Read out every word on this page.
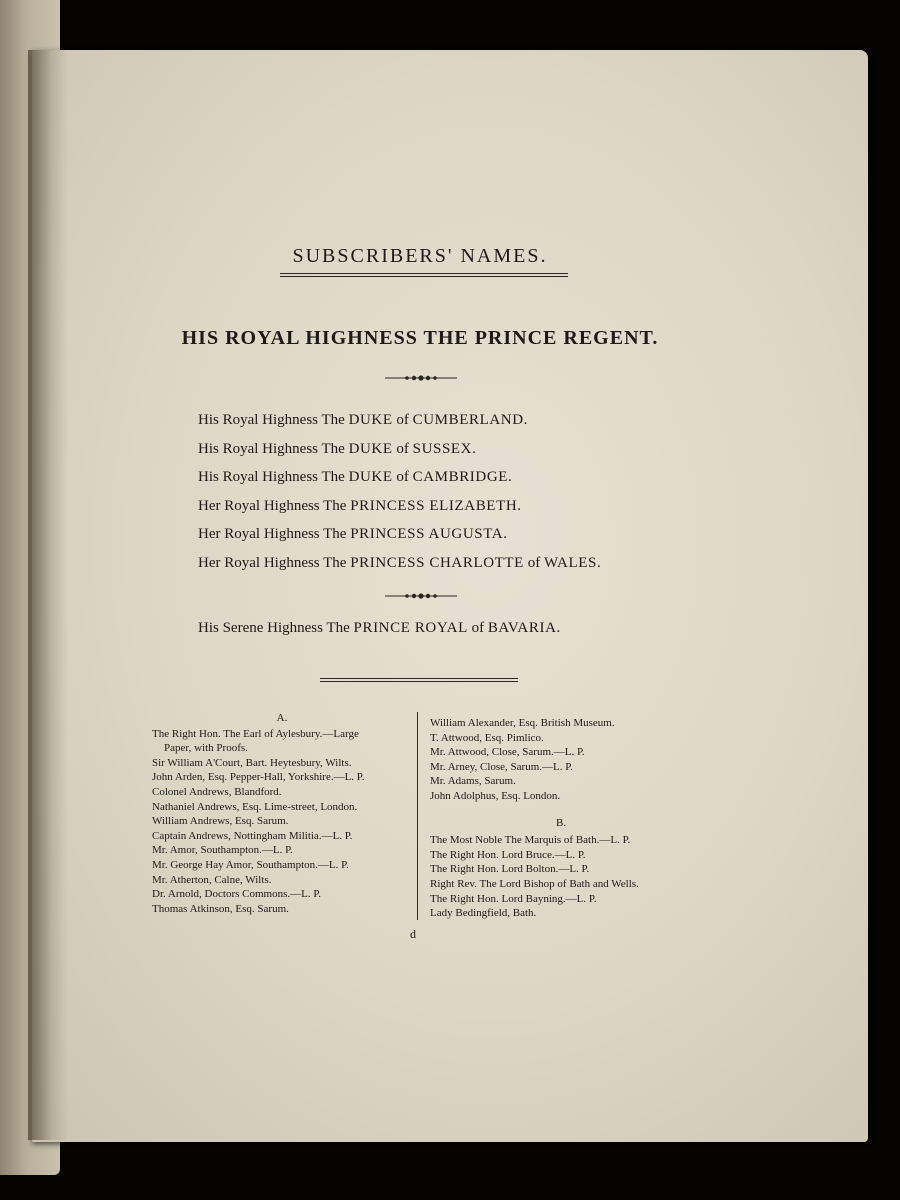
SUBSCRIBERS' NAMES.
HIS ROYAL HIGHNESS THE PRINCE REGENT.
His Royal Highness The DUKE of CUMBERLAND.
His Royal Highness The DUKE of SUSSEX.
His Royal Highness The DUKE of CAMBRIDGE.
Her Royal Highness The PRINCESS ELIZABETH.
Her Royal Highness The PRINCESS AUGUSTA.
Her Royal Highness The PRINCESS CHARLOTTE of WALES.
His Serene Highness The PRINCE ROYAL of BAVARIA.
A.
The Right Hon. The Earl of Aylesbury.—Large
Paper, with Proofs.
Sir William A'Court, Bart. Heytesbury, Wilts.
John Arden, Esq. Pepper-Hall, Yorkshire.—L. P.
Colonel Andrews, Blandford.
Nathaniel Andrews, Esq. Lime-street, London.
William Andrews, Esq. Sarum.
Captain Andrews, Nottingham Militia.—L. P.
Mr. Amor, Southampton.—L. P.
Mr. George Hay Amor, Southampton.—L. P.
Mr. Atherton, Calne, Wilts.
Dr. Arnold, Doctors Commons.—L. P.
Thomas Atkinson, Esq. Sarum.
William Alexander, Esq. British Museum.
T. Attwood, Esq. Pimlico.
Mr. Attwood, Close, Sarum.—L. P.
Mr. Arney, Close, Sarum.—L. P.
Mr. Adams, Sarum.
John Adolphus, Esq. London.
B.
The Most Noble The Marquis of Bath.—L. P.
The Right Hon. Lord Bruce.—L. P.
The Right Hon. Lord Bolton.—L. P.
Right Rev. The Lord Bishop of Bath and Wells.
The Right Hon. Lord Bayning.—L. P.
Lady Bedingfield, Bath.
d
